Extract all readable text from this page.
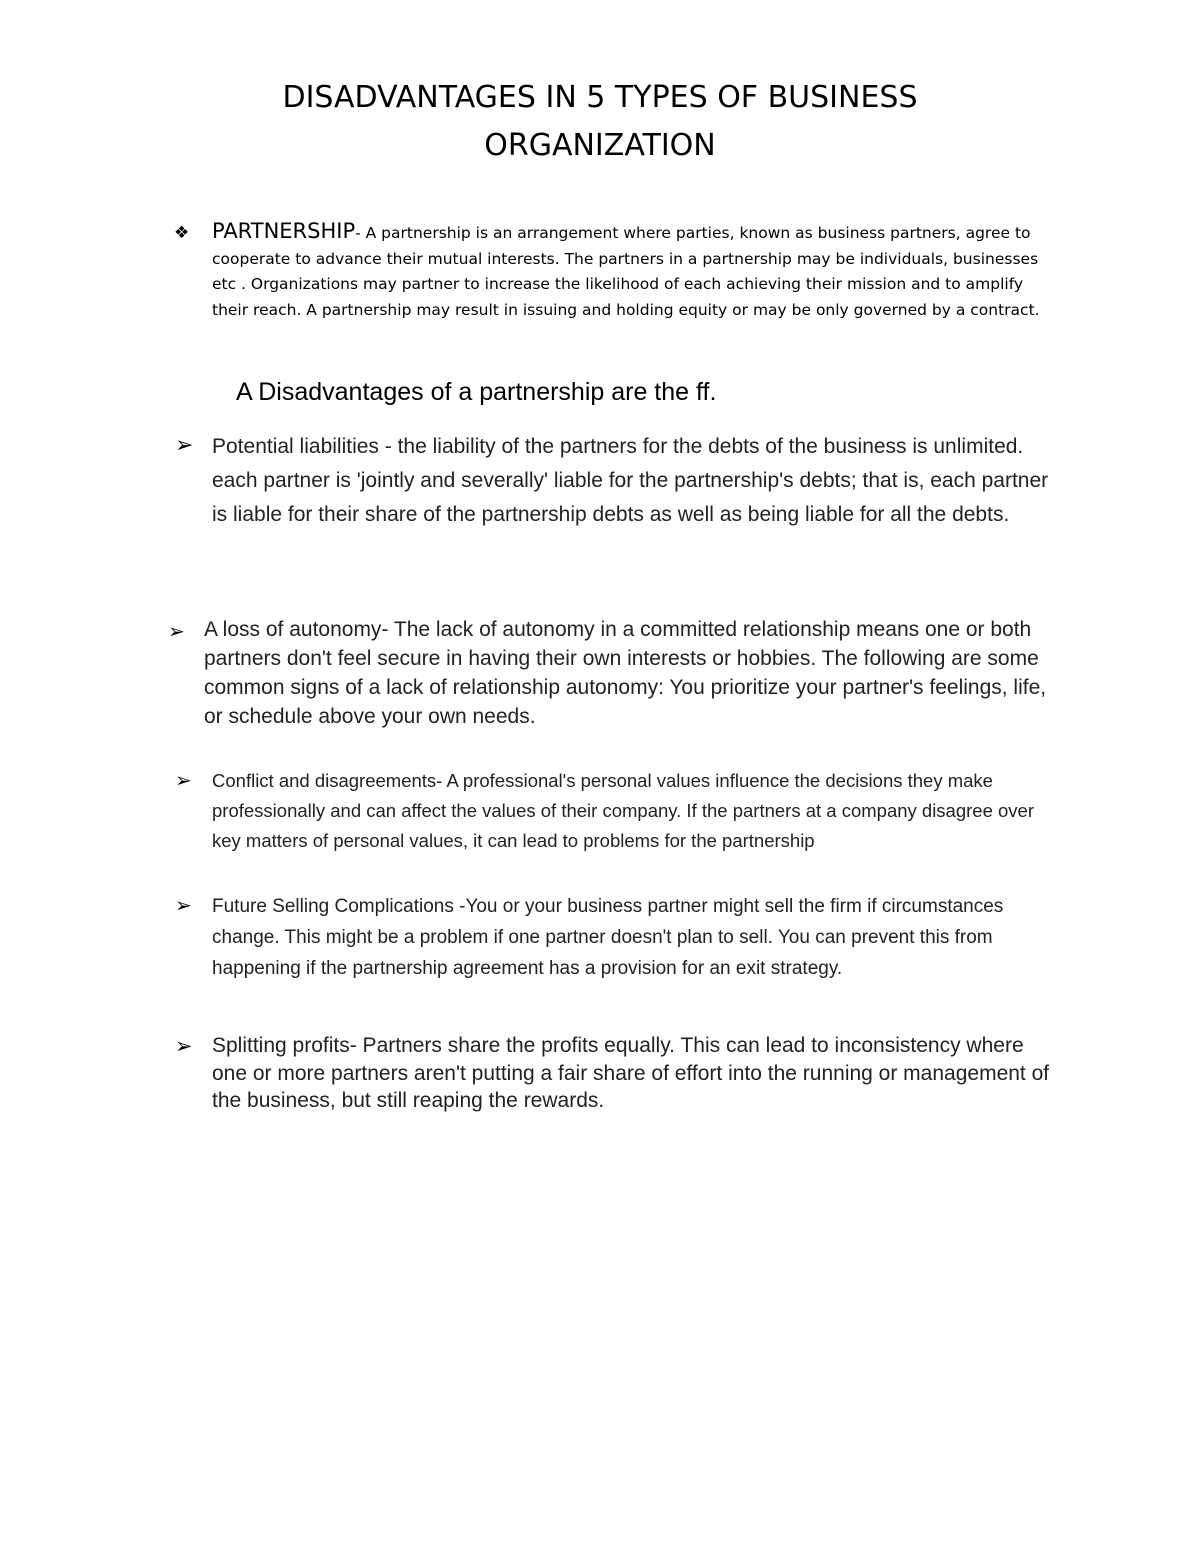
DISADVANTAGES IN 5 TYPES OF BUSINESS
ORGANIZATION
❖ PARTNERSHIP- A partnership is an arrangement where parties, known as business partners, agree to cooperate to advance their mutual interests. The partners in a partnership may be individuals, businesses etc . Organizations may partner to increase the likelihood of each achieving their mission and to amplify their reach. A partnership may result in issuing and holding equity or may be only governed by a contract.
A Disadvantages of a partnership are the ff.
➢ Potential liabilities - the liability of the partners for the debts of the business is unlimited. each partner is 'jointly and severally' liable for the partnership's debts; that is, each partner is liable for their share of the partnership debts as well as being liable for all the debts.
➢ A loss of autonomy- The lack of autonomy in a committed relationship means one or both partners don't feel secure in having their own interests or hobbies. The following are some common signs of a lack of relationship autonomy: You prioritize your partner's feelings, life, or schedule above your own needs.
➢ Conflict and disagreements- A professional's personal values influence the decisions they make professionally and can affect the values of their company. If the partners at a company disagree over key matters of personal values, it can lead to problems for the partnership
➢ Future Selling Complications -You or your business partner might sell the firm if circumstances change. This might be a problem if one partner doesn't plan to sell. You can prevent this from happening if the partnership agreement has a provision for an exit strategy.
➢ Splitting profits- Partners share the profits equally. This can lead to inconsistency where one or more partners aren't putting a fair share of effort into the running or management of the business, but still reaping the rewards.
